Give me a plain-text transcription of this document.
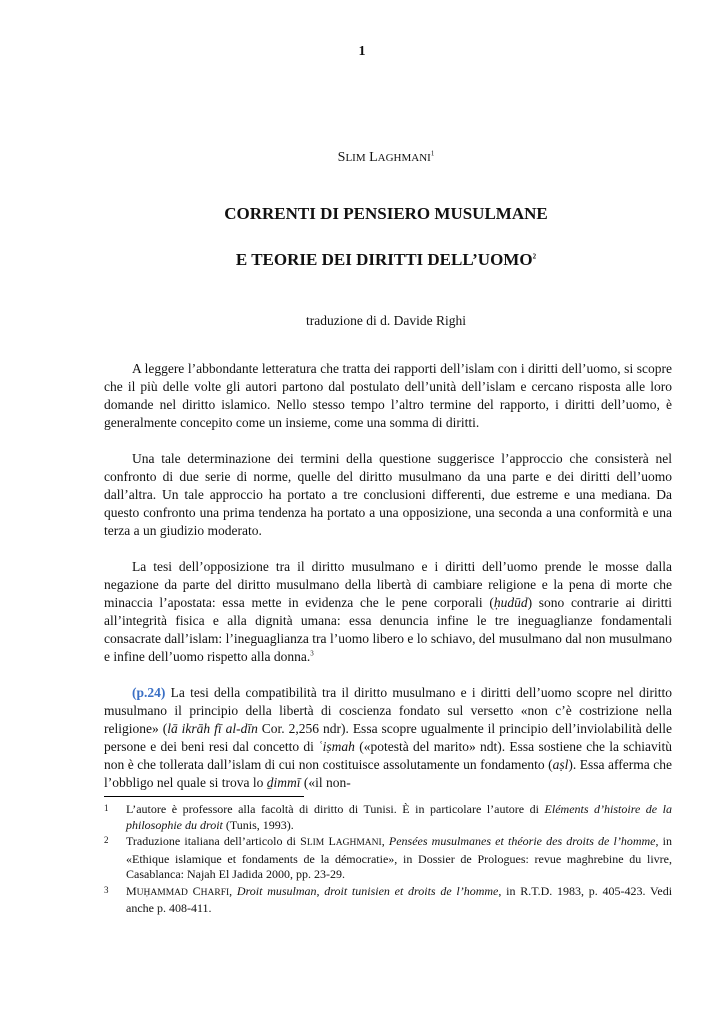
1
SLIM LAGHMANI$^1$
CORRENTI DI PENSIERO MUSULMANE
E TEORIE DEI DIRITTI DELL’UOMO$^2$
traduzione di d. Davide Righi

A leggere l’abbondante letteratura che tratta dei rapporti dell’islam con i diritti dell’uomo, si scopre che il più delle volte gli autori partono dal postulato dell’unità dell’islam e cercano risposta alle loro domande nel diritto islamico. Nello stesso tempo l’altro termine del rapporto, i diritti dell’uomo, è generalmente concepito come un insieme, come una somma di diritti.

Una tale determinazione dei termini della questione suggerisce l’approccio che consisterà nel confronto di due serie di norme, quelle del diritto musulmano da una parte e dei diritti dell’uomo dall’altra. Un tale approccio ha portato a tre conclusioni differenti, due estreme e una mediana. Da questo confronto una prima tendenza ha portato a una opposizione, una seconda a una conformità e una terza a un giudizio moderato.

La tesi dell’opposizione tra il diritto musulmano e i diritti dell’uomo prende le mosse dalla negazione da parte del diritto musulmano della libertà di cambiare religione e la pena di morte che minaccia l’apostata: essa mette in evidenza che le pene corporali (ḥudūd) sono contrarie ai diritti all’integrità fisica e alla dignità umana: essa denuncia infine le tre ineguaglianze fondamentali consacrate dall’islam: l’ineguaglianza tra l’uomo libero e lo schiavo, del musulmano dal non musulmano e infine dell’uomo rispetto alla donna.$^3$

(p.24) La tesi della compatibilità tra il diritto musulmano e i diritti dell’uomo scopre nel diritto musulmano il principio della libertà di coscienza fondato sul versetto «non c’è costrizione nella religione» (lā ikrāh fī al-dīn Cor. 2,256 ndr). Essa scopre ugualmente il principio dell’inviolabilità delle persone e dei beni resi dal concetto di ʿiṣmah («potestà del marito» ndt). Essa sostiene che la schiavitù non è che tollerata dall’islam di cui non costituisce assolutamente un fondamento (aṣl). Essa afferma che l’obbligo nel quale si trova lo ḏimmī («il non-

1	L’autore è professore alla facoltà di diritto di Tunisi. È in particolare l’autore di Eléments d’histoire de la philosophie du droit (Tunis, 1993).
2	Traduzione italiana dell’articolo di SLIM LAGHMANI, Pensées musulmanes et théorie des droits de l’homme, in «Ethique islamique et fondaments de la démocratie», in Dossier de Prologues: revue maghrebine du livre, Casablanca: Najah El Jadida 2000, pp. 23-29.
3	MUḤAMMAD CHARFI, Droit musulman, droit tunisien et droits de l’homme, in R.T.D. 1983, p. 405-423. Vedi anche p. 408-411.
